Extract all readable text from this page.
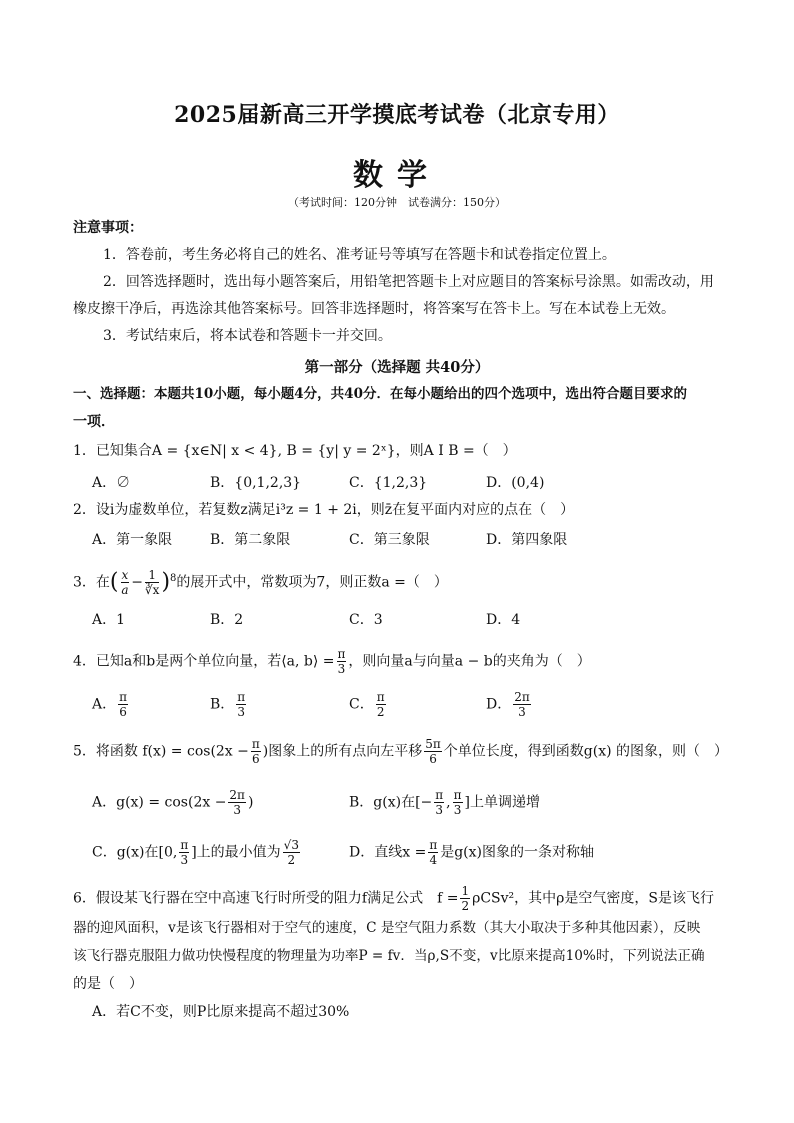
2025届新高三开学摸底考试卷（北京专用）
数学
（考试时间：120分钟　试卷满分：150分）
注意事项：
1．答卷前，考生务必将自己的姓名、准考证号等填写在答题卡和试卷指定位置上。
2．回答选择题时，选出每小题答案后，用铅笔把答题卡上对应题目的答案标号涂黑。如需改动，用
橡皮擦干净后，再选涂其他答案标号。回答非选择题时，将答案写在答卡上。写在本试卷上无效。
3．考试结束后，将本试卷和答题卡一并交回。
第一部分（选择题 共40分）
一、选择题：本题共10小题，每小题4分，共40分．在每小题给出的四个选项中，选出符合题目要求的
一项．
1．已知集合A = {x∈N| x < 4}, B = {y| y = 2ˣ}，则A I B =（　）
A．∅	B．{0,1,2,3}	C．{1,2,3}	D．(0,4)
2．设i为虚数单位，若复数z满足i³z = 1 + 2i，则z̄在复平面内对应的点在（　）
A．第一象限	B．第二象限	C．第三象限	D．第四象限
3．在( $\frac{x}{a} - \frac{1}{∛x} )^8$的展开式中，常数项为7，则正数a =（　）
A．1	B．2	C．3	D．4
4．已知a和b是两个单位向量，若⟨a, b⟩ = $\frac{\pi}{3}$ ，则向量a与向量a − b的夹角为（　）
A． $\frac{\pi}{6}$	B． $\frac{\pi}{3}$	C． $\frac{\pi}{2}$	D． $\frac{2\pi}{3}$
5．将函数 $f(x) = \cos(2x - \frac{\pi}{6}$ )图象上的所有点向左平移 $\frac{5\pi}{6}$ 个单位长度，得到函数g(x) 的图象，则（　）
A．$g(x) = \cos(2x - \frac{2\pi}{3}$ )	B．g(x)在[− $\frac{\pi}{3}$ , $\frac{\pi}{3}$ ]上单调递增
C．g(x)在[0, $\frac{\pi}{3}$ ]上的最小值为 $\frac{√3}{2}$	D．直线$x = \frac{\pi}{4}$ 是g(x)图象的一条对称轴
6．假设某飞行器在空中高速飞行时所受的阻力f满足公式　$f = \frac{1}{2} \rho CSv^2$，其中ρ是空气密度，S是该飞行
器的迎风面积，v是该飞行器相对于空气的速度，C 是空气阻力系数（其大小取决于多种其他因素），反映
该飞行器克服阻力做功快慢程度的物理量为功率P = fv．当ρ,S不变，v比原来提高10%时，下列说法正确
的是（　）
A．若C不变，则P比原来提高不超过30%
